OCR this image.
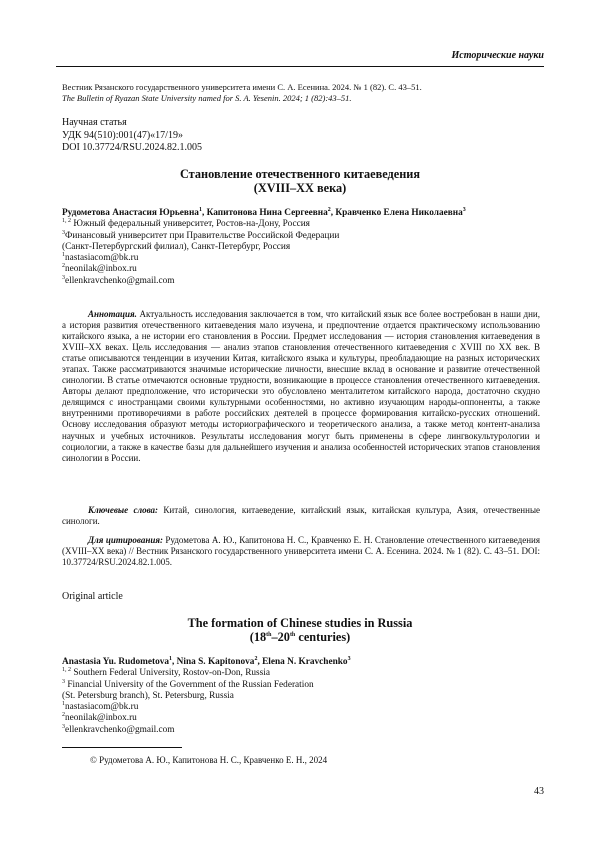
Исторические науки
Вестник Рязанского государственного университета имени С. А. Есенина. 2024. № 1 (82). С. 43–51.
The Bulletin of Ryazan State University named for S. A. Yesenin. 2024; 1 (82):43–51.
Научная статья
УДК 94(510):001(47)«17/19»
DOI 10.37724/RSU.2024.82.1.005
Становление отечественного китаеведения
(XVIII–XX века)
Рудометова Анастасия Юрьевна$^1$, Капитонова Нина Сергеевна$^2$, Кравченко Елена Николаевна$^3$
$^{1, 2}$ Южный федеральный университет, Ростов-на-Дону, Россия
$^3$Финансовый университет при Правительстве Российской Федерации
(Санкт-Петербургский филиал), Санкт-Петербург, Россия
$^1$nastasiacom@bk.ru
$^2$neonilak@inbox.ru
$^3$ellenkravchenko@gmail.com
Аннотация. Актуальность исследования заключается в том, что китайский язык все более востребован в наши дни, а история развития отечественного китаеведения мало изучена, и предпочтение отдается практическому использованию китайского языка, а не истории его становления в России. Предмет исследования — история становления китаеведения в XVIII–XX веках. Цель исследования — анализ этапов становления отечественного китаеведения с XVIII по XX век. В статье описываются тенденции в изучении Китая, китайского языка и культуры, преобладающие на разных исторических этапах. Также рассматриваются значимые исторические личности, внесшие вклад в основание и развитие отечественной синологии. В статье отмечаются основные трудности, возникающие в процессе становления отечественного китаеведения. Авторы делают предположение, что исторически это обусловлено менталитетом китайского народа, достаточно скудно делящимся с иностранцами своими культурными особенностями, но активно изучающим народы-оппоненты, а также внутренними противоречиями в работе российских деятелей в процессе формирования китайско-русских отношений. Основу исследования образуют методы историографического и теоретического анализа, а также метод контент-анализа научных и учебных источников. Результаты исследования могут быть применены в сфере лингвокультурологии и социологии, а также в качестве базы для дальнейшего изучения и анализа особенностей исторических этапов становления синологии в России.
Ключевые слова: Китай, синология, китаеведение, китайский язык, китайская культура, Азия, отечественные синологи.
Для цитирования: Рудометова А. Ю., Капитонова Н. С., Кравченко Е. Н. Становление отечественного китаеведения (XVIII–XX века) // Вестник Рязанского государственного университета имени С. А. Есенина. 2024. № 1 (82). С. 43–51. DOI: 10.37724/RSU.2024.82.1.005.
Original article
The formation of Chinese studies in Russia
(18th–20th centuries)
Anastasia Yu. Rudometova$^1$, Nina S. Kapitonova$^2$, Elena N. Kravchenko$^3$
$^{1, 2}$ Southern Federal University, Rostov-on-Don, Russia
$^3$ Financial University of the Government of the Russian Federation
(St. Petersburg branch), St. Petersburg, Russia
$^1$nastasiacom@bk.ru
$^2$neonilak@inbox.ru
$^3$ellenkravchenko@gmail.com
© Рудометова А. Ю., Капитонова Н. С., Кравченко Е. Н., 2024
43
